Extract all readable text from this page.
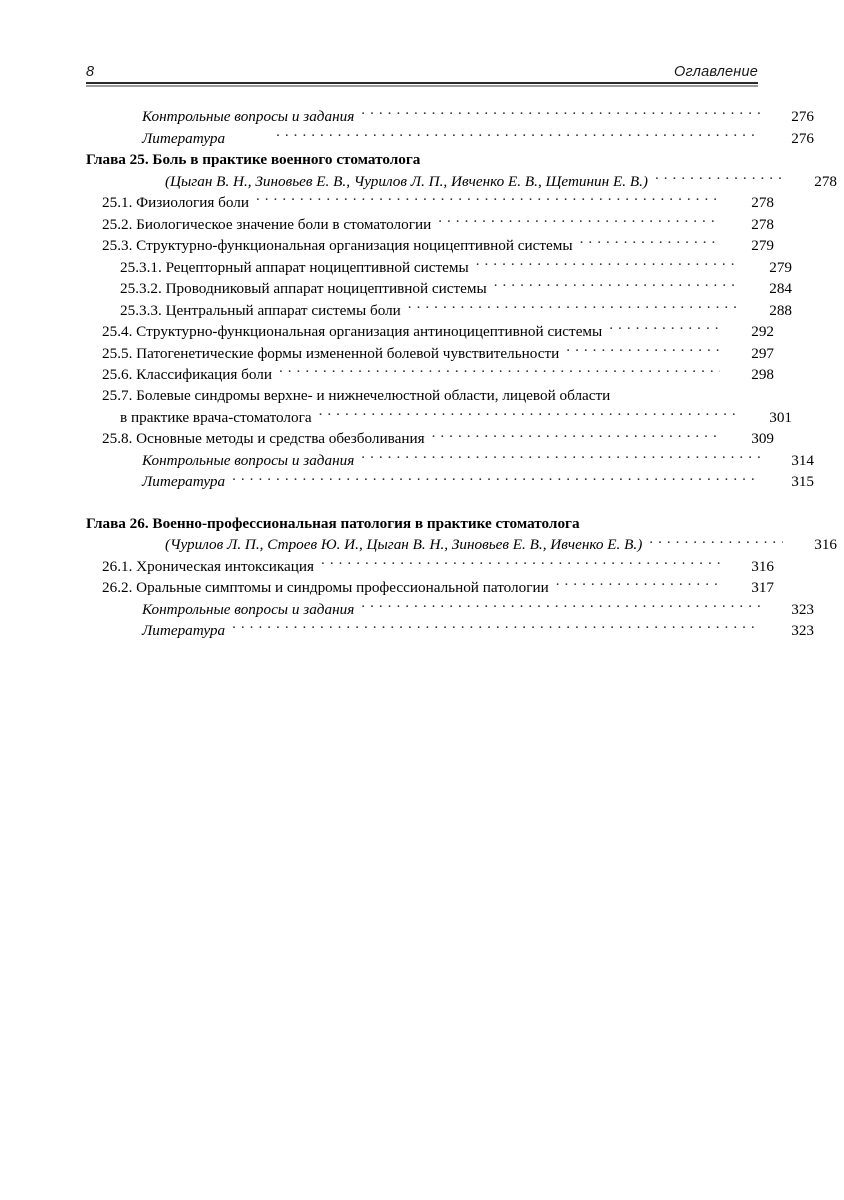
8	Оглавление
Контрольные вопросы и задания . . .	276
Литература . . .	276
Глава 25. Боль в практике военного стоматолога
(Цыган В. Н., Зиновьев Е. В., Чурилов Л. П., Ивченко Е. В., Щетинин Е. В.) . . .	278
25.1. Физиология боли . . .	278
25.2. Биологическое значение боли в стоматологии . . .	278
25.3. Структурно-функциональная организация ноцицептивной системы . . .	279
25.3.1. Рецепторный аппарат ноцицептивной системы . . .	279
25.3.2. Проводниковый аппарат ноцицептивной системы . . .	284
25.3.3. Центральный аппарат системы боли . . .	288
25.4. Структурно-функциональная организация антиноцицептивной системы . . .	292
25.5. Патогенетические формы измененной болевой чувствительности . . .	297
25.6. Классификация боли . . .	298
25.7. Болевые синдромы верхне- и нижнечелюстной области, лицевой области
в практике врача-стоматолога . . .	301
25.8. Основные методы и средства обезболивания . . .	309
Контрольные вопросы и задания . . .	314
Литература . . .	315
Глава 26. Военно-профессиональная патология в практике стоматолога
(Чурилов Л. П., Строев Ю. И., Цыган В. Н., Зиновьев Е. В., Ивченко Е. В.) . . .	316
26.1. Хроническая интоксикация . . .	316
26.2. Оральные симптомы и синдромы профессиональной патологии . . .	317
Контрольные вопросы и задания . . .	323
Литература . . .	323
